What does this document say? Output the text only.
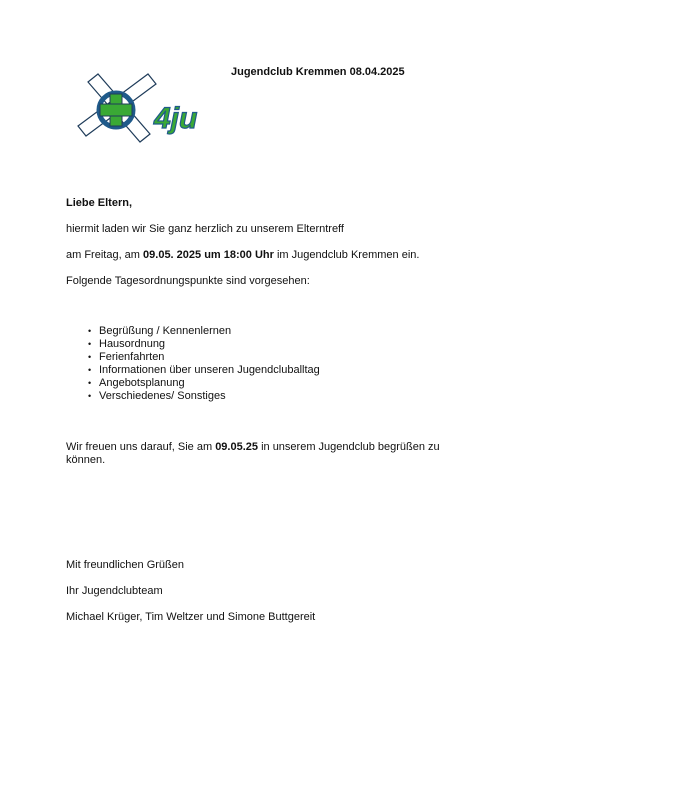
4ju
Jugendclub Kremmen 08.04.2025

Liebe Eltern,

hiermit laden wir Sie ganz herzlich zu unserem Elterntreff

am Freitag, am 09.05. 2025 um 18:00 Uhr im Jugendclub Kremmen ein.

Folgende Tagesordnungspunkte sind vorgesehen:

• Begrüßung / Kennenlernen
• Hausordnung
• Ferienfahrten
• Informationen über unseren Jugendcluballtag
• Angebotsplanung
• Verschiedenes/ Sonstiges

Wir freuen uns darauf, Sie am 09.05.25 in unserem Jugendclub begrüßen zu können.

Mit freundlichen Grüßen

Ihr Jugendclubteam

Michael Krüger, Tim Weltzer und Simone Buttgereit
